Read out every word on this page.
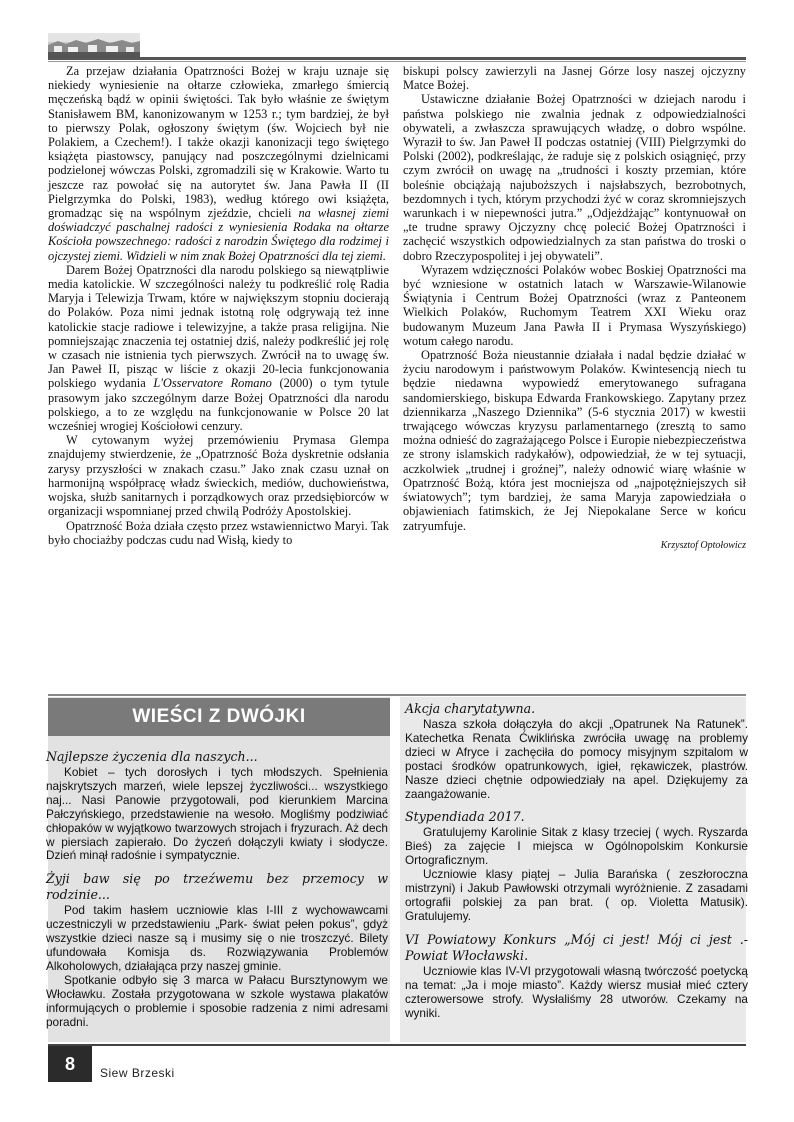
Za przejaw działania Opatrzności Bożej w kraju uznaje się niekiedy wyniesienie na ołtarze człowieka, zmarłego śmiercią męczeńską bądź w opinii świętości. Tak było właśnie ze świętym Stanisławem BM, kanonizowanym w 1253 r.; tym bardziej, że był to pierwszy Polak, ogłoszony świętym (św. Wojciech był nie Polakiem, a Czechem!). I także okazji kanonizacji tego świętego książęta piastowscy, panujący nad poszczególnymi dzielnicami podzielonej wówczas Polski, zgromadzili się w Krakowie. Warto tu jeszcze raz powołać się na autorytet św. Jana Pawła II (II Pielgrzymka do Polski, 1983), według którego owi książęta, gromadząc się na wspólnym zjeździe, chcieli na własnej ziemi doświadczyć paschalnej radości z wyniesienia Rodaka na ołtarze Kościoła powszechnego: radości z narodzin Świętego dla rodzimej i ojczystej ziemi. Widzieli w nim znak Bożej Opatrzności dla tej ziemi.

Darem Bożej Opatrzności dla narodu polskiego są niewątpliwie media katolickie. W szczególności należy tu podkreślić rolę Radia Maryja i Telewizja Trwam, które w największym stopniu docierają do Polaków. Poza nimi jednak istotną rolę odgrywają też inne katolickie stacje radiowe i telewizyjne, a także prasa religijna. Nie pomniejszając znaczenia tej ostatniej dziś, należy podkreślić jej rolę w czasach nie istnienia tych pierwszych. Zwrócił na to uwagę św. Jan Paweł II, pisząc w liście z okazji 20-lecia funkcjonowania polskiego wydania L'Osservatore Romano (2000) o tym tytule prasowym jako szczególnym darze Bożej Opatrzności dla narodu polskiego, a to ze względu na funkcjonowanie w Polsce 20 lat wcześniej wrogiej Kościołowi cenzury.

W cytowanym wyżej przemówieniu Prymasa Glempa znajdujemy stwierdzenie, że „Opatrzność Boża dyskretnie odsłania zarysy przyszłości w znakach czasu.” Jako znak czasu uznał on harmonijną współpracę władz świeckich, mediów, duchowieństwa, wojska, służb sanitarnych i porządkowych oraz przedsiębiorców w organizacji wspomnianej przed chwilą Podróży Apostolskiej.

Opatrzność Boża działa często przez wstawiennictwo Maryi. Tak było chociażby podczas cudu nad Wisłą, kiedy to

biskupi polscy zawierzyli na Jasnej Górze losy naszej ojczyzny Matce Bożej.

Ustawiczne działanie Bożej Opatrzności w dziejach narodu i państwa polskiego nie zwalnia jednak z odpowiedzialności obywateli, a zwłaszcza sprawujących władzę, o dobro wspólne. Wyraził to św. Jan Paweł II podczas ostatniej (VIII) Pielgrzymki do Polski (2002), podkreślając, że raduje się z polskich osiągnięć, przy czym zwrócił on uwagę na „trudności i koszty przemian, które boleśnie obciążają najuboższych i najsłabszych, bezrobotnych, bezdomnych i tych, którym przychodzi żyć w coraz skromniejszych warunkach i w niepewności jutra.” „Odjeżdżając” kontynuował on „te trudne sprawy Ojczyzny chcę polecić Bożej Opatrzności i zachęcić wszystkich odpowiedzialnych za stan państwa do troski o dobro Rzeczypospolitej i jej obywateli”.

Wyrazem wdzięczności Polaków wobec Boskiej Opatrzności ma być wzniesione w ostatnich latach w Warszawie-Wilanowie Świątynia i Centrum Bożej Opatrzności (wraz z Panteonem Wielkich Polaków, Ruchomym Teatrem XXI Wieku oraz budowanym Muzeum Jana Pawła II i Prymasa Wyszyńskiego) wotum całego narodu.

Opatrzność Boża nieustannie działała i nadal będzie działać w życiu narodowym i państwowym Polaków. Kwintesencją niech tu będzie niedawna wypowiedź emerytowanego sufragana sandomierskiego, biskupa Edwarda Frankowskiego. Zapytany przez dziennikarza „Naszego Dziennika” (5-6 stycznia 2017) w kwestii trwającego wówczas kryzysu parlamentarnego (zresztą to samo można odnieść do zagrażającego Polsce i Europie niebezpieczeństwa ze strony islamskich radykałów), odpowiedział, że w tej sytuacji, aczkolwiek „trudnej i groźnej”, należy odnowić wiarę właśnie w Opatrzność Bożą, która jest mocniejsza od „najpotężniejszych sił światowych”; tym bardziej, że sama Maryja zapowiedziała o objawieniach fatimskich, że Jej Niepokalane Serce w końcu zatryumfuje.

Krzysztof Optołowicz
WIEŚCI Z DWÓJKI
Najlepsze życzenia dla naszych...

Kobiet – tych dorosłych i tych młodszych. Spełnienia najskrytszych marzeń, wiele lepszej życzliwości... wszystkiego naj... Nasi Panowie przygotowali, pod kierunkiem Marcina Pałczyńskiego, przedstawienie na wesoło. Mogliśmy podziwiać chłopaków w wyjątkowo twarzowych strojach i fryzurach. Aż dech w piersiach zapierało. Do życzeń dołączyli kwiaty i słodycze. Dzień minął radośnie i sympatycznie.

Żyji baw się po trzeźwemu bez przemocy w rodzinie...

Pod takim hasłem uczniowie klas I-III z wychowawcami uczestniczyli w przedstawieniu „Park- świat pełen pokus”, gdyż wszystkie dzieci nasze są i musimy się o nie troszczyć. Bilety ufundowała Komisja ds. Rozwiązywania Problemów Alkoholowych, działająca przy naszej gminie.

Spotkanie odbyło się 3 marca w Pałacu Bursztynowym we Włocławku. Została przygotowana w szkole wystawa plakatów informujących o problemie i sposobie radzenia z nimi adresami poradni.

Akcja charytatywna.

Nasza szkoła dołączyła do akcji „Opatrunek Na Ratunek”. Katechetka Renata Ćwiklińska zwróciła uwagę na problemy dzieci w Afryce i zachęciła do pomocy misyjnym szpitalom w postaci środków opatrunkowych, igieł, rękawiczek, plastrów. Nasze dzieci chętnie odpowiedziały na apel. Dziękujemy za zaangażowanie.

Stypendiada 2017.

Gratulujemy Karolinie Sitak z klasy trzeciej ( wych. Ryszarda Bieś) za zajęcie I miejsca w Ogólnopolskim Konkursie Ortograficznym.

Uczniowie klasy piątej – Julia Barańska ( zeszłoroczna mistrzyni) i Jakub Pawłowski otrzymali wyróżnienie. Z zasadami ortografii polskiej za pan brat. ( op. Violetta Matusik). Gratulujemy.

VI Powiatowy Konkurs „Mój ci jest! Mój ci jest .- Powiat Włocławski.

Uczniowie klas IV-VI przygotowali własną twórczość poetycką na temat: „Ja i moje miasto”. Każdy wiersz musiał mieć cztery czterowersowe strofy. Wysłaliśmy 28 utworów. Czekamy na wyniki.

8	Siew Brzeski
